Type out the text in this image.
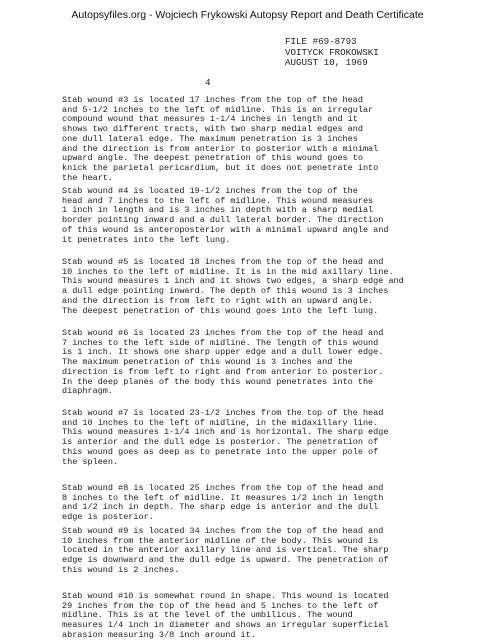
Autopsyfiles.org - Wojciech Frykowski Autopsy Report and Death Certificate
FILE #69-8793
VOITYCK FROKOWSKI
AUGUST 10, 1969
4
Stab wound #3 is located 17 inches from the top of the head
and 5-1/2 inches to the left of midline. This is an irregular
compound wound that measures 1-1/4 inches in length and it
shows two different tracts, with two sharp medial edges and
one dull lateral edge. The maximum penetration is 3 inches
and the direction is from anterior to posterior with a minimal
upward angle. The deepest penetration of this wound goes to
knick the parietal pericardium, but it does not penetrate into
the heart.
Stab wound #4 is located 19-1/2 inches from the top of the
head and 7 inches to the left of midline. This wound measures
1 inch in length and is 3 inches in depth with a sharp medial
border pointing inward and a dull lateral border. The direction
of this wound is anteroposterior with a minimal upward angle and
it penetrates into the left lung.
Stab wound #5 is located 18 inches from the top of the head and
10 inches to the left of midline. It is in the mid axillary line.
This wound measures 1 inch and it shows two edges, a sharp edge and
a dull edge pointing inward. The depth of this wound is 3 inches
and the direction is from left to right with an upward angle.
The deepest penetration of this wound goes into the left lung.
Stab wound #6 is located 23 inches from the top of the head and
7 inches to the left side of midline. The length of this wound
is 1 inch. It shows one sharp upper edge and a dull lower edge.
The maximum penetration of this wound is 3 inches and the
direction is from left to right and from anterior to posterior.
In the deep planes of the body this wound penetrates into the
diaphragm.
Stab wound #7 is located 23-1/2 inches from the top of the head
and 10 inches to the left of midline, in the midaxillary line.
This wound measures 1-1/4 inch and is horizontal. The sharp edge
is anterior and the dull edge is posterior. The penetration of
this wound goes as deep as to penetrate into the upper pole of
the spleen.
Stab wound #8 is located 25 inches from the top of the head and
8 inches to the left of midline. It measures 1/2 inch in length
and 1/2 inch in depth. The sharp edge is anterior and the dull
edge is posterior.
Stab wound #9 is located 34 inches from the top of the head and
10 inches from the anterior midline of the body. This wound is
located in the anterior axillary line and is vertical. The sharp
edge is downward and the dull edge is upward. The penetration of
this wound is 2 inches.
Stab wound #10 is somewhat round in shape. This wound is located
29 inches from the top of the head and 5 inches to the left of
midline. This is at the level of the umbilicus. The wound
measures 1/4 inch in diameter and shows an irregular superficial
abrasion measuring 3/8 inch around it.
